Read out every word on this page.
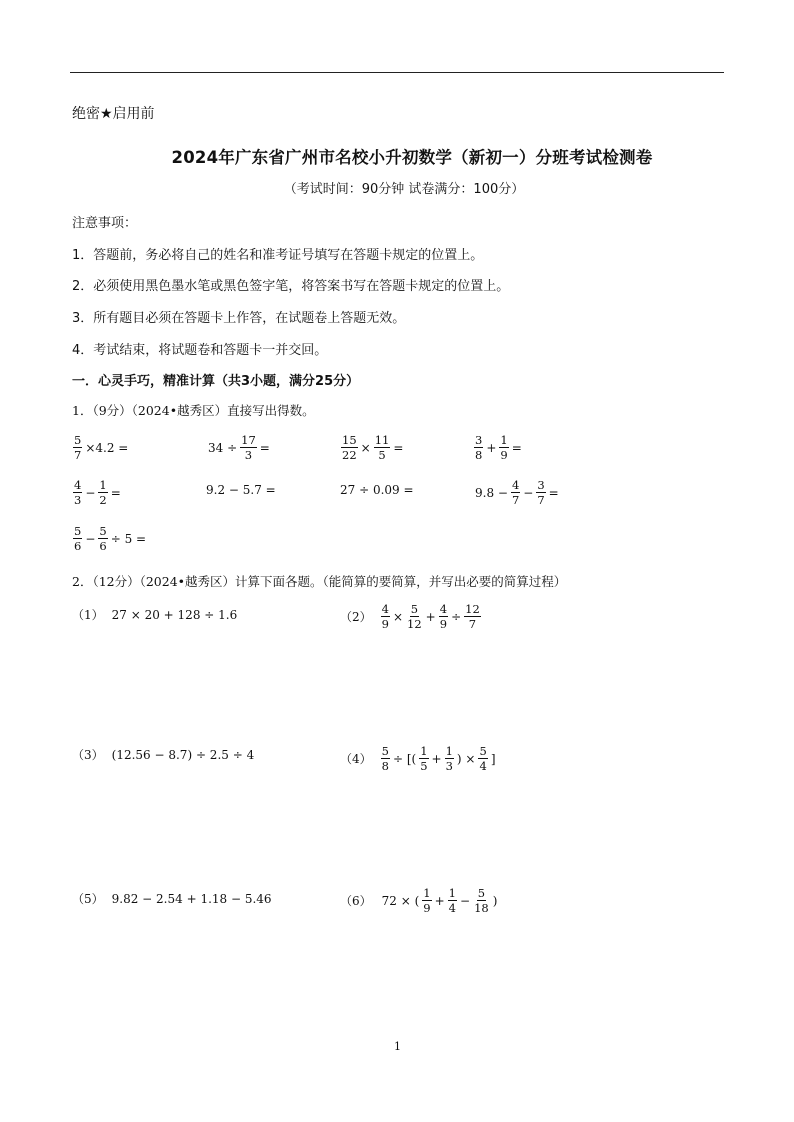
绝密★启用前
2024年广东省广州市名校小升初数学（新初一）分班考试检测卷
（考试时间：90分钟 试卷满分：100分）
注意事项：
1．答题前，务必将自己的姓名和准考证号填写在答题卡规定的位置上。
2．必须使用黑色墨水笔或黑色签字笔，将答案书写在答题卡规定的位置上。
3．所有题目必须在答题卡上作答，在试题卷上答题无效。
4．考试结束，将试题卷和答题卡一并交回。
一．心灵手巧，精准计算（共3小题，满分25分）
1．（9分）（2024•越秀区）直接写出得数。
$\frac{5}{7} \times 4.2$ =	$34 \div \frac{17}{3}$ =	$\frac{15}{22} \times \frac{11}{5}$ =	$\frac{3}{8} + \frac{1}{9}$ =
$\frac{4}{3} - \frac{1}{2}$ =	9.2 − 5.7 =	27 ÷ 0.09 =	$9.8 - \frac{4}{7} - \frac{3}{7}$ =
$\frac{5}{6} - \frac{5}{6} \div 5$ =
2．（12分）（2024•越秀区）计算下面各题。（能简算的要简算，并写出必要的简算过程）
（1） 27 × 20 + 128 ÷ 1.6	$(2) \frac{4}{9} \times \frac{5}{12} + \frac{4}{9} \div \frac{12}{7}$
（3） (12.56 − 8.7) ÷ 2.5 ÷ 4	$(4) \frac{5}{8}$ ÷ [( $\frac{1}{5} + \frac{1}{3}$ ) × $\frac{5}{4}$ ]
（5） 9.82 − 2.54 + 1.18 − 5.46	（6） 72 × ( $\frac{1}{9} + \frac{1}{4} - \frac{5}{18}$ )
1
